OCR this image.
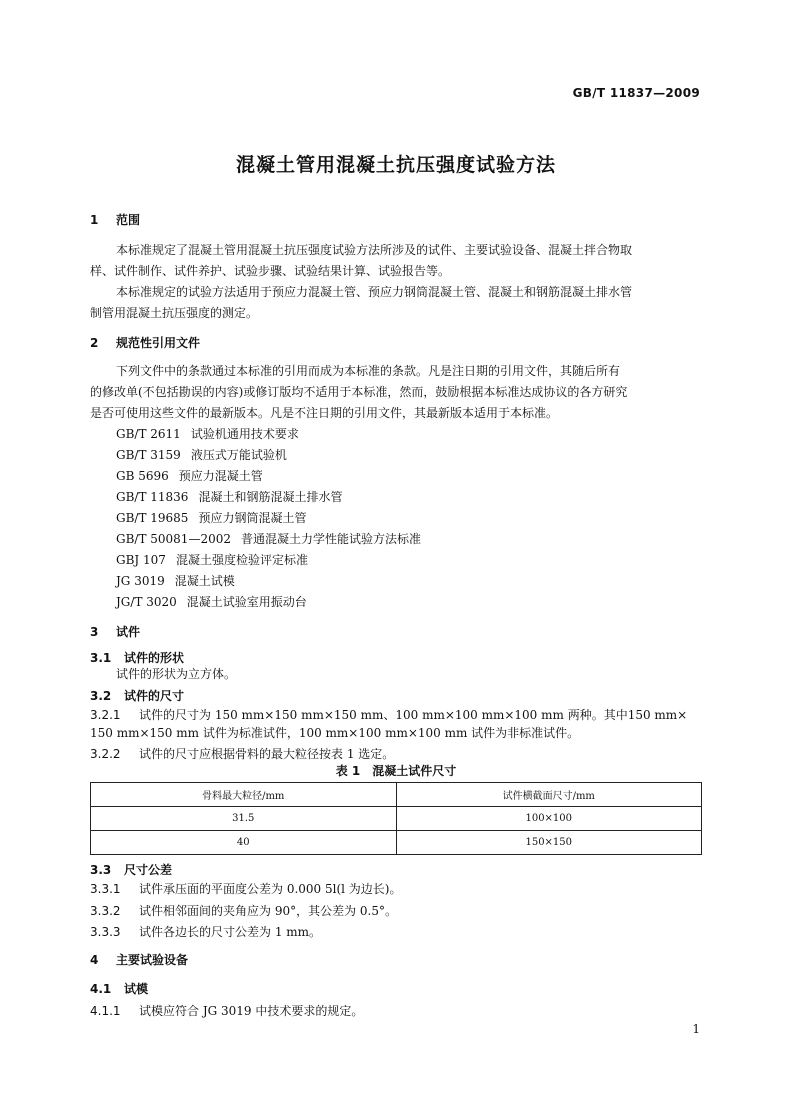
GB/T 11837—2009
混凝土管用混凝土抗压强度试验方法
1 范围
本标准规定了混凝土管用混凝土抗压强度试验方法所涉及的试件、主要试验设备、混凝土拌合物取
样、试件制作、试件养护、试验步骤、试验结果计算、试验报告等。
本标准规定的试验方法适用于预应力混凝土管、预应力钢筒混凝土管、混凝土和钢筋混凝土排水管
制管用混凝土抗压强度的测定。
2 规范性引用文件
下列文件中的条款通过本标准的引用而成为本标准的条款。凡是注日期的引用文件，其随后所有
的修改单(不包括勘误的内容)或修订版均不适用于本标准，然而，鼓励根据本标准达成协议的各方研究
是否可使用这些文件的最新版本。凡是不注日期的引用文件，其最新版本适用于本标准。
GB/T 2611 试验机通用技术要求
GB/T 3159 液压式万能试验机
GB 5696 预应力混凝土管
GB/T 11836 混凝土和钢筋混凝土排水管
GB/T 19685 预应力钢筒混凝土管
GB/T 50081—2002 普通混凝土力学性能试验方法标准
GBJ 107 混凝土强度检验评定标准
JG 3019 混凝土试模
JG/T 3020 混凝土试验室用振动台
3 试件
3.1 试件的形状
试件的形状为立方体。
3.2 试件的尺寸
3.2.1 试件的尺寸为 150 mm×150 mm×150 mm、100 mm×100 mm×100 mm 两种。其中150 mm×
150 mm×150 mm 试件为标准试件，100 mm×100 mm×100 mm 试件为非标准试件。
3.2.2 试件的尺寸应根据骨料的最大粒径按表 1 选定。
表 1　混凝土试件尺寸
骨料最大粒径/mm	试件横截面尺寸/mm
31.5	100×100
40	150×150
3.3 尺寸公差
3.3.1 试件承压面的平面度公差为 0.000 5l(l 为边长)。
3.3.2 试件相邻面间的夹角应为 90°，其公差为 0.5°。
3.3.3 试件各边长的尺寸公差为 1 mm。
4 主要试验设备
4.1 试模
4.1.1 试模应符合 JG 3019 中技术要求的规定。
1
